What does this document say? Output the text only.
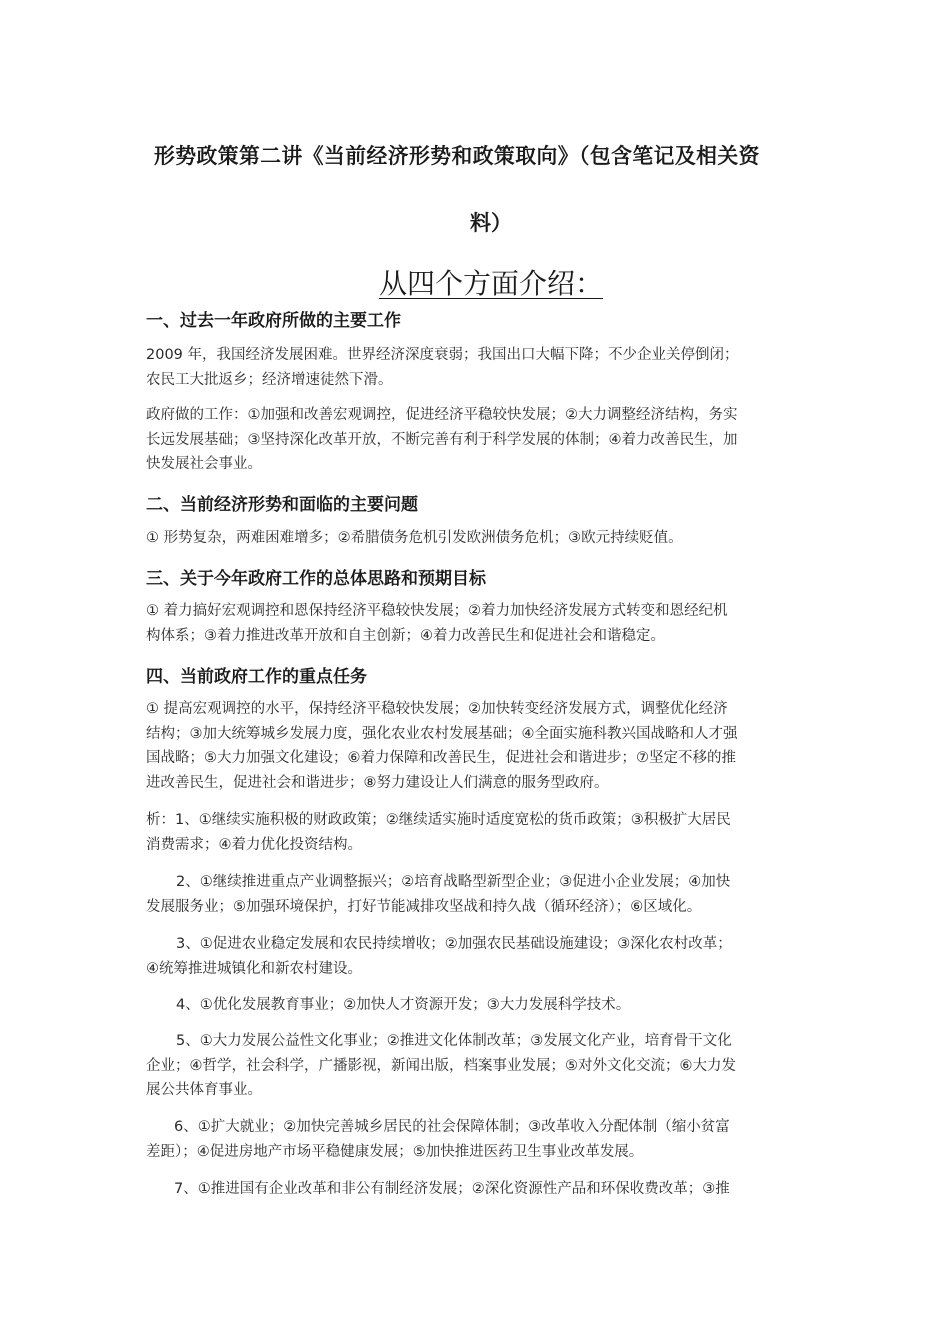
形势政策第二讲《当前经济形势和政策取向》（包含笔记及相关资
料）
从四个方面介绍：
一、过去一年政府所做的主要工作
2009 年，我国经济发展困难。世界经济深度衰弱；我国出口大幅下降；不少企业关停倒闭；
农民工大批返乡；经济增速徒然下滑。
政府做的工作：①加强和改善宏观调控，促进经济平稳较快发展；②大力调整经济结构，务实
长远发展基础；③坚持深化改革开放，不断完善有利于科学发展的体制；④着力改善民生，加
快发展社会事业。
二、当前经济形势和面临的主要问题
① 形势复杂，两难困难增多；②希腊债务危机引发欧洲债务危机；③欧元持续贬值。
三、关于今年政府工作的总体思路和预期目标
① 着力搞好宏观调控和恩保持经济平稳较快发展；②着力加快经济发展方式转变和恩经纪机
构体系；③着力推进改革开放和自主创新；④着力改善民生和促进社会和谐稳定。
四、当前政府工作的重点任务
① 提高宏观调控的水平，保持经济平稳较快发展；②加快转变经济发展方式，调整优化经济
结构；③加大统筹城乡发展力度，强化农业农村发展基础；④全面实施科教兴国战略和人才强
国战略；⑤大力加强文化建设；⑥着力保障和改善民生，促进社会和谐进步；⑦坚定不移的推
进改善民生，促进社会和谐进步；⑧努力建设让人们满意的服务型政府。
析：1、①继续实施积极的财政政策；②继续适实施时适度宽松的货币政策；③积极扩大居民
消费需求；④着力优化投资结构。
2、①继续推进重点产业调整振兴；②培育战略型新型企业；③促进小企业发展；④加快
发展服务业；⑤加强环境保护，打好节能减排攻坚战和持久战（循环经济）；⑥区域化。
3、①促进农业稳定发展和农民持续增收；②加强农民基础设施建设；③深化农村改革；
④统筹推进城镇化和新农村建设。
4、①优化发展教育事业；②加快人才资源开发；③大力发展科学技术。
5、①大力发展公益性文化事业；②推进文化体制改革；③发展文化产业，培育骨干文化
企业；④哲学，社会科学，广播影视，新闻出版，档案事业发展；⑤对外文化交流；⑥大力发
展公共体育事业。
6、①扩大就业；②加快完善城乡居民的社会保障体制；③改革收入分配体制（缩小贫富
差距）；④促进房地产市场平稳健康发展；⑤加快推进医药卫生事业改革发展。
7、①推进国有企业改革和非公有制经济发展；②深化资源性产品和环保收费改革；③推
